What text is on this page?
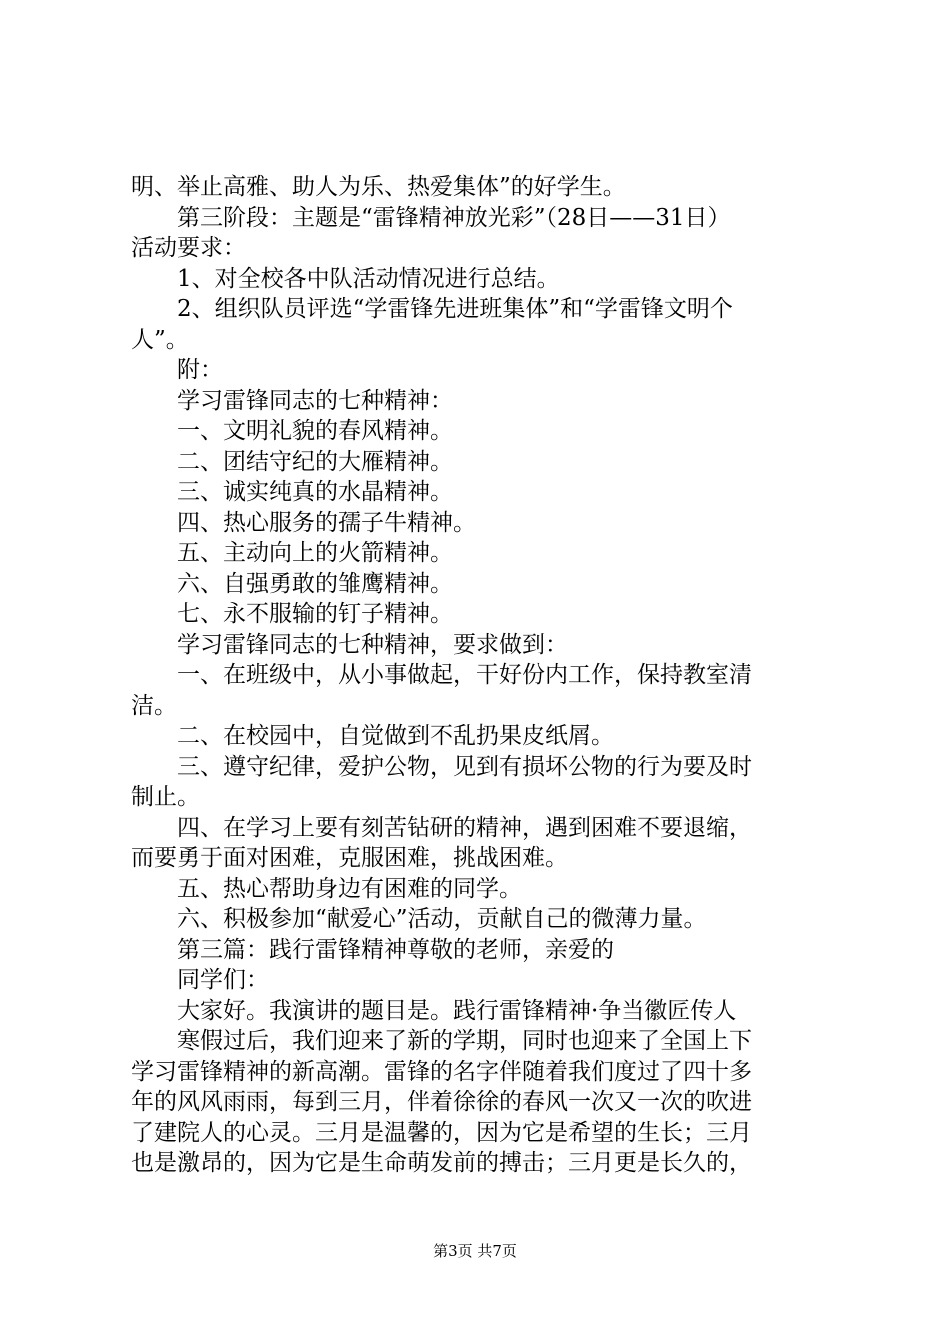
明、举止高雅、助人为乐、热爱集体”的好学生。
第三阶段：主题是“雷锋精神放光彩”（28日——31日）
活动要求：
1、对全校各中队活动情况进行总结。
2、组织队员评选“学雷锋先进班集体”和“学雷锋文明个
人”。
附：
学习雷锋同志的七种精神：
一、文明礼貌的春风精神。
二、团结守纪的大雁精神。
三、诚实纯真的水晶精神。
四、热心服务的孺子牛精神。
五、主动向上的火箭精神。
六、自强勇敢的雏鹰精神。
七、永不服输的钉子精神。
学习雷锋同志的七种精神，要求做到：
一、在班级中，从小事做起，干好份内工作，保持教室清
洁。
二、在校园中，自觉做到不乱扔果皮纸屑。
三、遵守纪律，爱护公物，见到有损坏公物的行为要及时
制止。
四、在学习上要有刻苦钻研的精神，遇到困难不要退缩，
而要勇于面对困难，克服困难，挑战困难。
五、热心帮助身边有困难的同学。
六、积极参加“献爱心”活动，贡献自己的微薄力量。
第三篇：践行雷锋精神尊敬的老师，亲爱的
同学们：
大家好。我演讲的题目是。践行雷锋精神·争当徽匠传人
寒假过后，我们迎来了新的学期，同时也迎来了全国上下
学习雷锋精神的新高潮。雷锋的名字伴随着我们度过了四十多
年的风风雨雨，每到三月，伴着徐徐的春风一次又一次的吹进
了建院人的心灵。三月是温馨的，因为它是希望的生长；三月
也是激昂的，因为它是生命萌发前的搏击；三月更是长久的，
第3页 共7页
